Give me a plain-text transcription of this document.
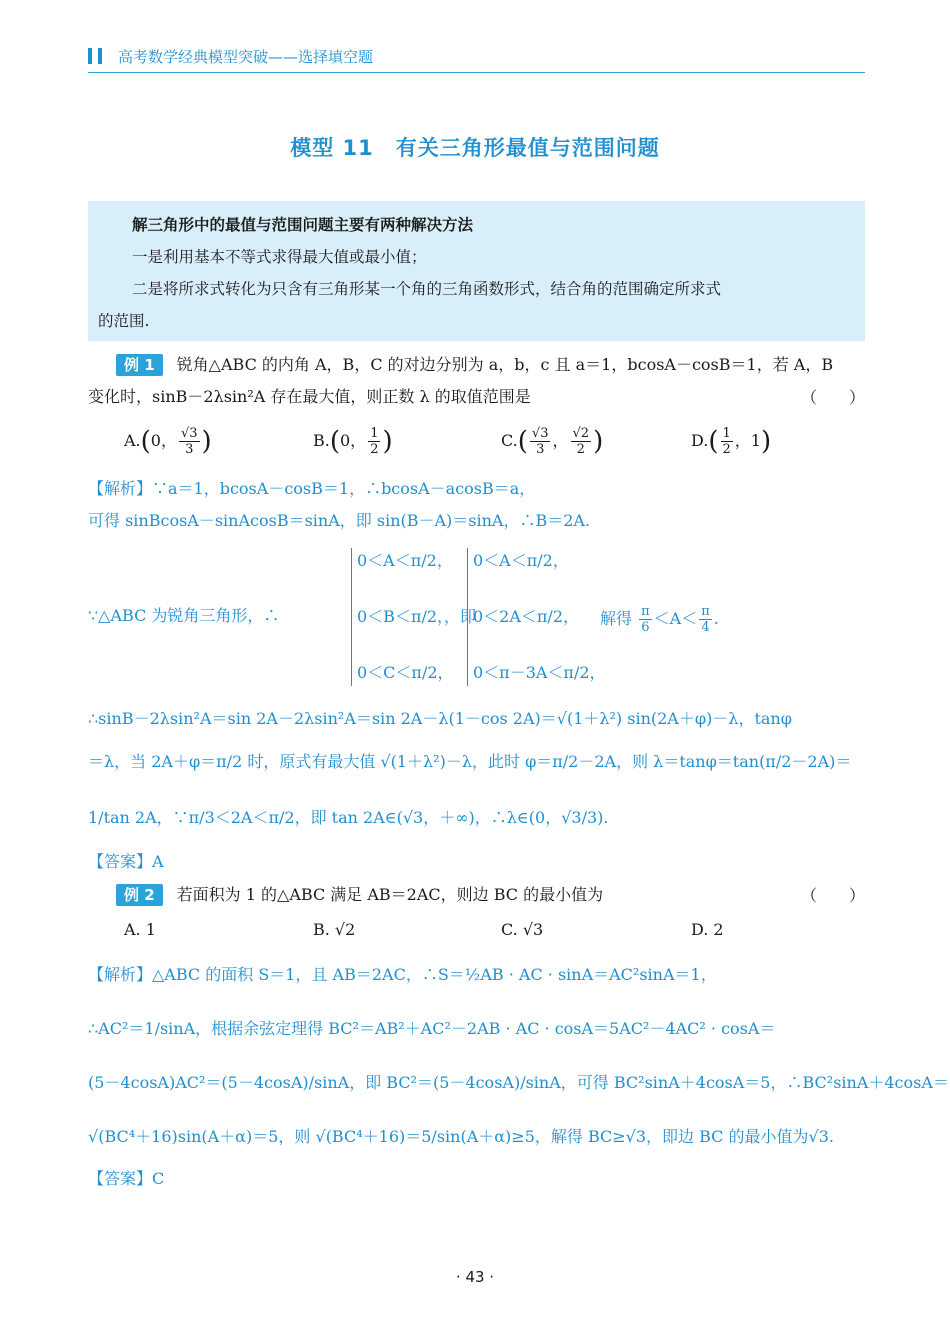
高考数学经典模型突破——选择填空题
模型 11　有关三角形最值与范围问题
解三角形中的最值与范围问题主要有两种解决方法
一是利用基本不等式求得最大值或最小值；
二是将所求式转化为只含有三角形某一个角的三角函数形式，结合角的范围确定所求式
的范围.
例 1 锐角△ABC 的内角 A，B，C 的对边分别为 a，b，c 且 a＝1，bcosA－cosB＝1，若 A，B
变化时，sinB－2λsin²A 存在最大值，则正数 λ 的取值范围是	（　　）
A.(0， $\frac{√3}{3}$ )	B.(0， $\frac{1}{2}$ )	$C.( \frac{√3}{3}$ ， $\frac{√2}{2}$ )	$D.( \frac{1}{2}$ ，1)
【解析】∵a＝1，bcosA－cosB＝1，∴bcosA－acosB＝a，
可得 sinBcosA－sinAcosB＝sinA，即 sin(B－A)＝sinA，∴B＝2A.
∵△ABC 为锐角三角形，∴
0＜A＜π/2，
0＜B＜π/2，
0＜C＜π/2，
，即
0＜A＜π/2，
0＜2A＜π/2，
0＜π－3A＜π/2，
解得 $\frac{\pi}{6} <A< \frac{\pi}{4}$ .
∴sinB－2λsin²A＝sin 2A－2λsin²A＝sin 2A－λ(1－cos 2A)＝√(1＋λ²) sin(2A＋φ)－λ，tanφ
＝λ，当 2A＋φ＝π/2 时，原式有最大值 √(1＋λ²)－λ，此时 φ＝π/2－2A，则 λ＝tanφ＝tan(π/2－2A)＝
1/tan 2A，∵π/3＜2A＜π/2，即 tan 2A∈(√3，＋∞)，∴λ∈(0，√3/3).
【答案】A
例 2 若面积为 1 的△ABC 满足 AB＝2AC，则边 BC 的最小值为	（　　）
A. 1	B. √2	C. √3	D. 2
【解析】△ABC 的面积 S＝1，且 AB＝2AC，∴S＝½AB · AC · sinA＝AC²sinA＝1，
∴AC²＝1/sinA，根据余弦定理得 BC²＝AB²＋AC²－2AB · AC · cosA＝5AC²－4AC² · cosA＝
(5－4cosA)AC²＝(5－4cosA)/sinA，即 BC²＝(5－4cosA)/sinA，可得 BC²sinA＋4cosA＝5，∴BC²sinA＋4cosA＝
√(BC⁴＋16)sin(A＋α)＝5，则 √(BC⁴＋16)＝5/sin(A＋α)≥5，解得 BC≥√3，即边 BC 的最小值为√3.
【答案】C
· 43 ·
